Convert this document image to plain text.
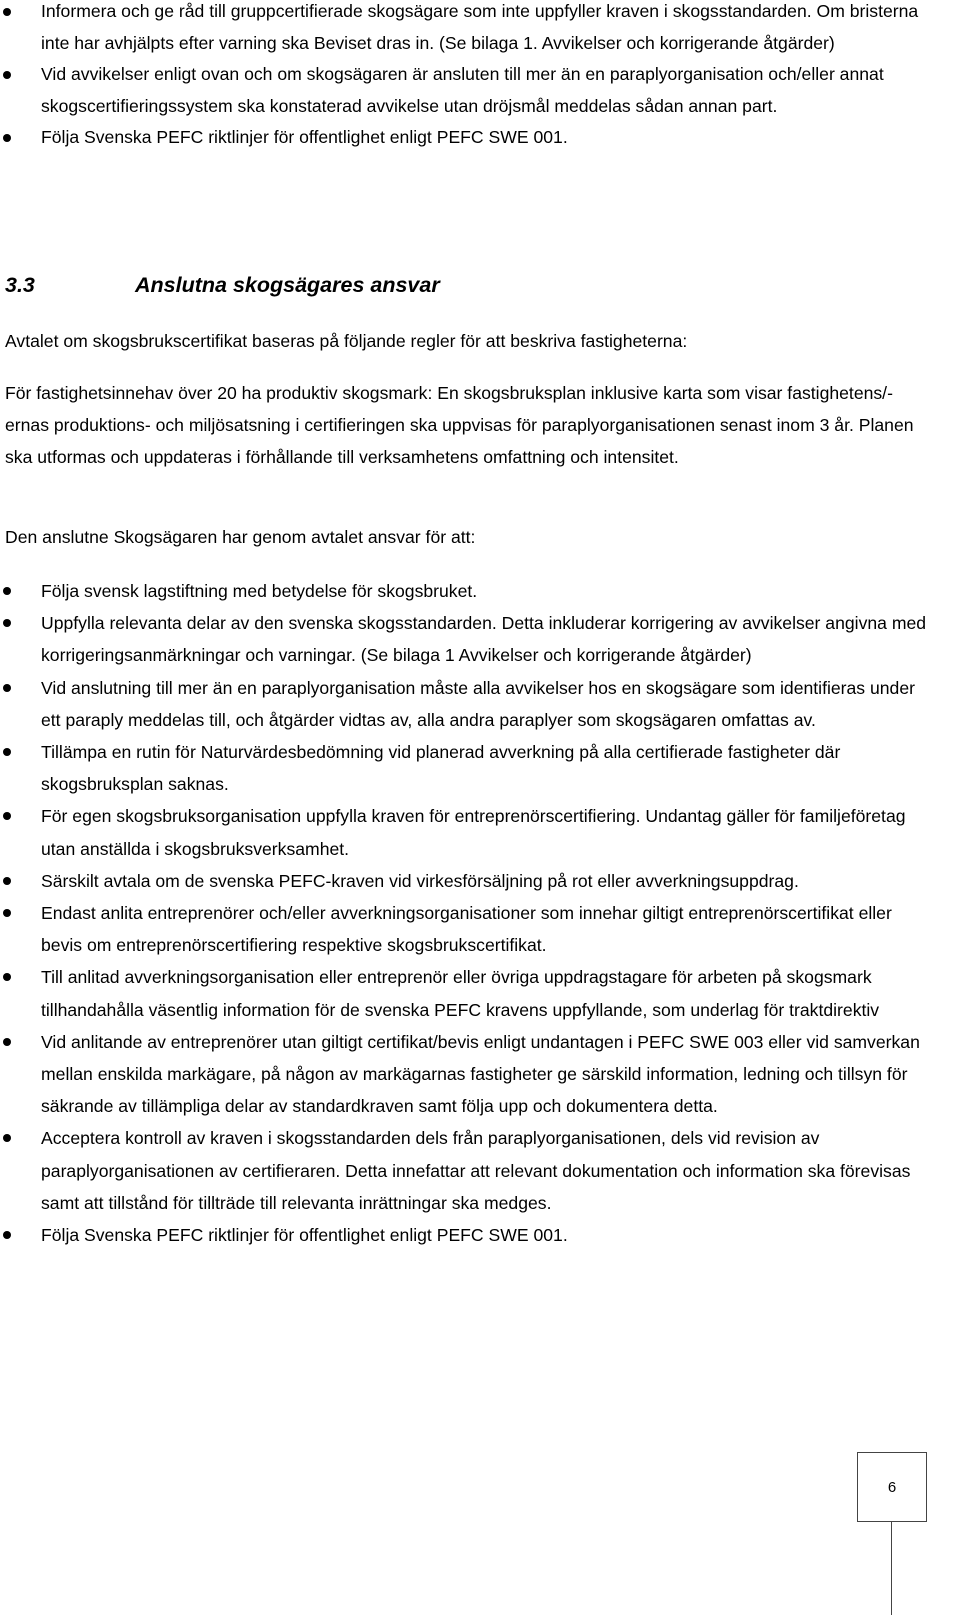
Informera och ge råd till gruppcertifierade skogsägare som inte uppfyller kraven i skogsstandarden. Om bristerna inte har avhjälpts efter varning ska Beviset dras in. (Se bilaga 1. Avvikelser och korrigerande åtgärder)
Vid avvikelser enligt ovan och om skogsägaren är ansluten till mer än en paraplyorganisation och/eller annat skogscertifieringssystem ska konstaterad avvikelse utan dröjsmål meddelas sådan annan part.
Följa Svenska PEFC riktlinjer för offentlighet enligt PEFC SWE 001.
3.3	Anslutna skogsägares ansvar
Avtalet om skogsbrukscertifikat baseras på följande regler för att beskriva fastigheterna:
För fastighetsinnehav över 20 ha produktiv skogsmark: En skogsbruksplan inklusive karta som visar fastighetens/-ernas produktions- och miljösatsning i certifieringen ska uppvisas för paraplyorganisationen senast inom 3 år. Planen ska utformas och uppdateras i förhållande till verksamhetens omfattning och intensitet.
Den anslutne Skogsägaren har genom avtalet ansvar för att:
Följa svensk lagstiftning med betydelse för skogsbruket.
Uppfylla relevanta delar av den svenska skogsstandarden. Detta inkluderar korrigering av avvikelser angivna med korrigeringsanmärkningar och varningar. (Se bilaga 1 Avvikelser och korrigerande åtgärder)
Vid anslutning till mer än en paraplyorganisation måste alla avvikelser hos en skogsägare som identifieras under ett paraply meddelas till, och åtgärder vidtas av, alla andra paraplyer som skogsägaren omfattas av.
Tillämpa en rutin för Naturvärdesbedömning vid planerad avverkning på alla certifierade fastigheter där skogsbruksplan saknas.
För egen skogsbruksorganisation uppfylla kraven för entreprenörscertifiering. Undantag gäller för familjeföretag utan anställda i skogsbruksverksamhet.
Särskilt avtala om de svenska PEFC-kraven vid virkesförsäljning på rot eller avverkningsuppdrag.
Endast anlita entreprenörer och/eller avverkningsorganisationer som innehar giltigt entreprenörscertifikat eller bevis om entreprenörscertifiering respektive skogsbrukscertifikat.
Till anlitad avverkningsorganisation eller entreprenör eller övriga uppdragstagare för arbeten på skogsmark tillhandahålla väsentlig information för de svenska PEFC kravens uppfyllande, som underlag för traktdirektiv
Vid anlitande av entreprenörer utan giltigt certifikat/bevis enligt undantagen i PEFC SWE 003 eller vid samverkan mellan enskilda markägare, på någon av markägarnas fastigheter ge särskild information, ledning och tillsyn för säkrande av tillämpliga delar av standardkraven samt följa upp och dokumentera detta.
Acceptera kontroll av kraven i skogsstandarden dels från paraplyorganisationen, dels vid revision av paraplyorganisationen av certifieraren. Detta innefattar att relevant dokumentation och information ska förevisas samt att tillstånd för tillträde till relevanta inrättningar ska medges.
Följa Svenska PEFC riktlinjer för offentlighet enligt PEFC SWE 001.
6
